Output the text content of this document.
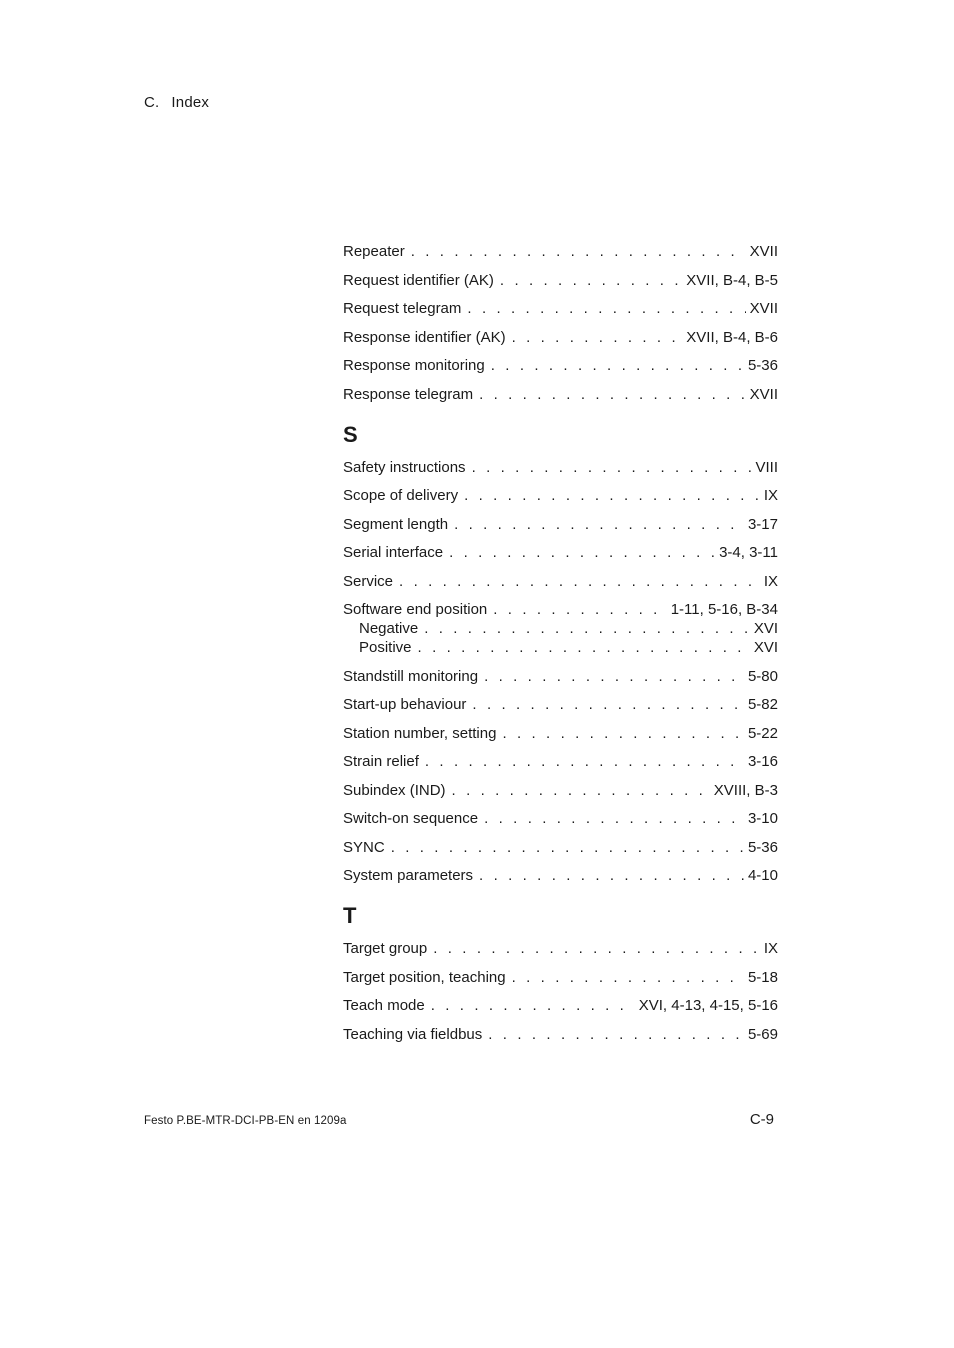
C. Index
Repeater . . .	XVII
Request identifier (AK) . . .	XVII, B-4, B-5
Request telegram . . .	XVII
Response identifier (AK) . . .	XVII, B-4, B-6
Response monitoring . . .	5-36
Response telegram . . .	XVII
S
Safety instructions . . .	VIII
Scope of delivery . . .	IX
Segment length . . .	3-17
Serial interface . . .	3-4, 3-11
Service . . .	IX
Software end position . . .	1-11, 5-16, B-34
Negative . . .	XVI
Positive . . .	XVI
Standstill monitoring . . .	5-80
Start-up behaviour . . .	5-82
Station number, setting . . .	5-22
Strain relief . . .	3-16
Subindex (IND) . . .	XVIII, B-3
Switch-on sequence . . .	3-10
SYNC . . .	5-36
System parameters . . .	4-10
T
Target group . . .	IX
Target position, teaching . . .	5-18
Teach mode . . .	XVI, 4-13, 4-15, 5-16
Teaching via fieldbus . . .	5-69
Festo P.BE-MTR-DCI-PB-EN en 1209a	C-9
